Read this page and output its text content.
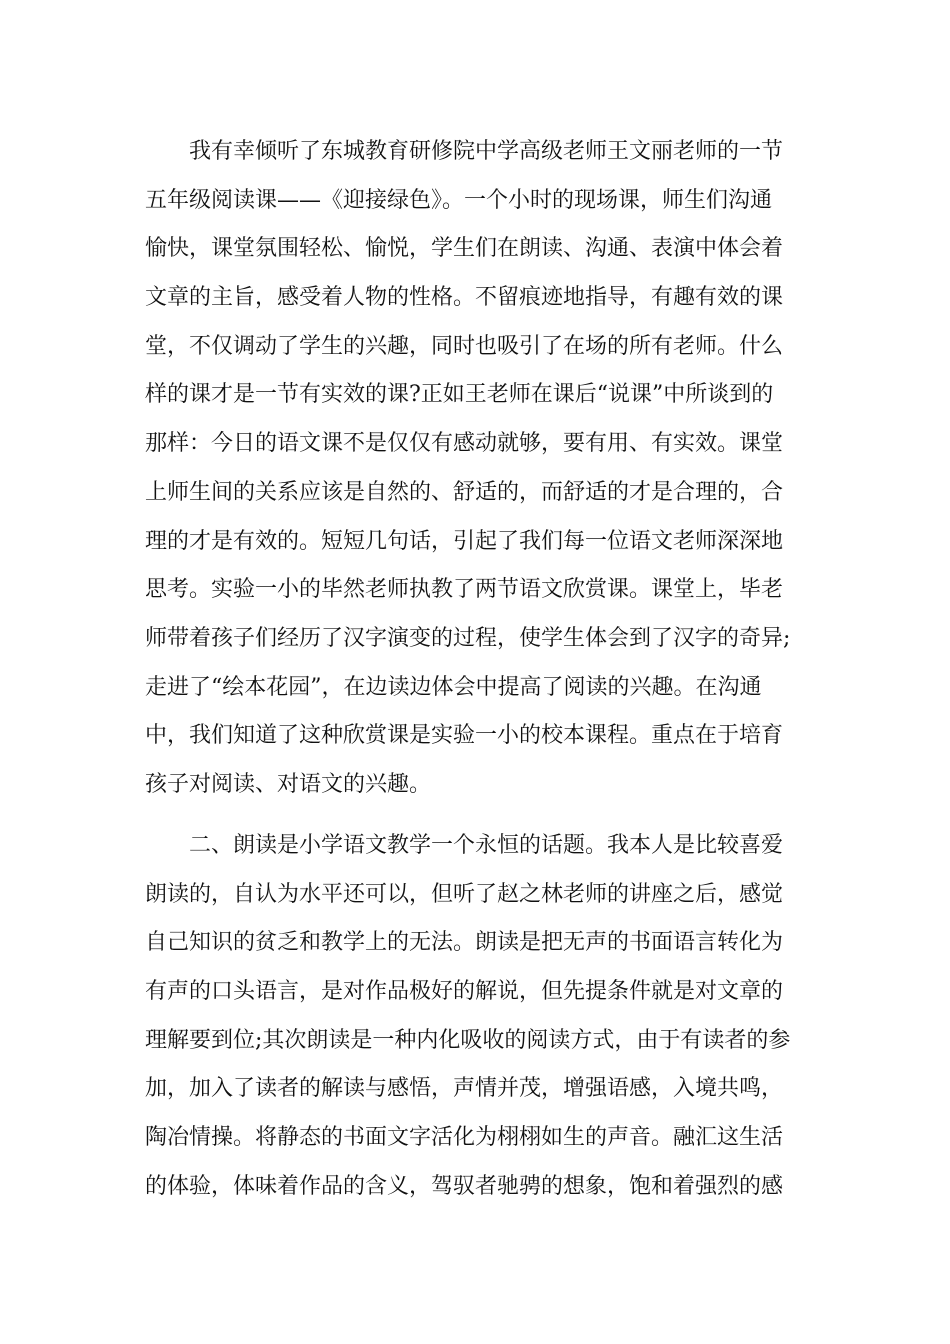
我有幸倾听了东城教育研修院中学高级老师王文丽老师的一节
五年级阅读课——《迎接绿色》。一个小时的现场课，师生们沟通
愉快，课堂氛围轻松、愉悦，学生们在朗读、沟通、表演中体会着
文章的主旨，感受着人物的性格。不留痕迹地指导，有趣有效的课
堂，不仅调动了学生的兴趣，同时也吸引了在场的所有老师。什么
样的课才是一节有实效的课?正如王老师在课后“说课”中所谈到的
那样：今日的语文课不是仅仅有感动就够，要有用、有实效。课堂
上师生间的关系应该是自然的、舒适的，而舒适的才是合理的，合
理的才是有效的。短短几句话，引起了我们每一位语文老师深深地
思考。实验一小的毕然老师执教了两节语文欣赏课。课堂上，毕老
师带着孩子们经历了汉字演变的过程，使学生体会到了汉字的奇异;
走进了“绘本花园”，在边读边体会中提高了阅读的兴趣。在沟通
中，我们知道了这种欣赏课是实验一小的校本课程。重点在于培育
孩子对阅读、对语文的兴趣。
二、朗读是小学语文教学一个永恒的话题。我本人是比较喜爱
朗读的，自认为水平还可以，但听了赵之林老师的讲座之后，感觉
自己知识的贫乏和教学上的无法。朗读是把无声的书面语言转化为
有声的口头语言，是对作品极好的解说，但先提条件就是对文章的
理解要到位;其次朗读是一种内化吸收的阅读方式，由于有读者的参
加，加入了读者的解读与感悟，声情并茂，增强语感，入境共鸣，
陶冶情操。将静态的书面文字活化为栩栩如生的声音。融汇这生活
的体验，体味着作品的含义，驾驭者驰骋的想象，饱和着强烈的感
